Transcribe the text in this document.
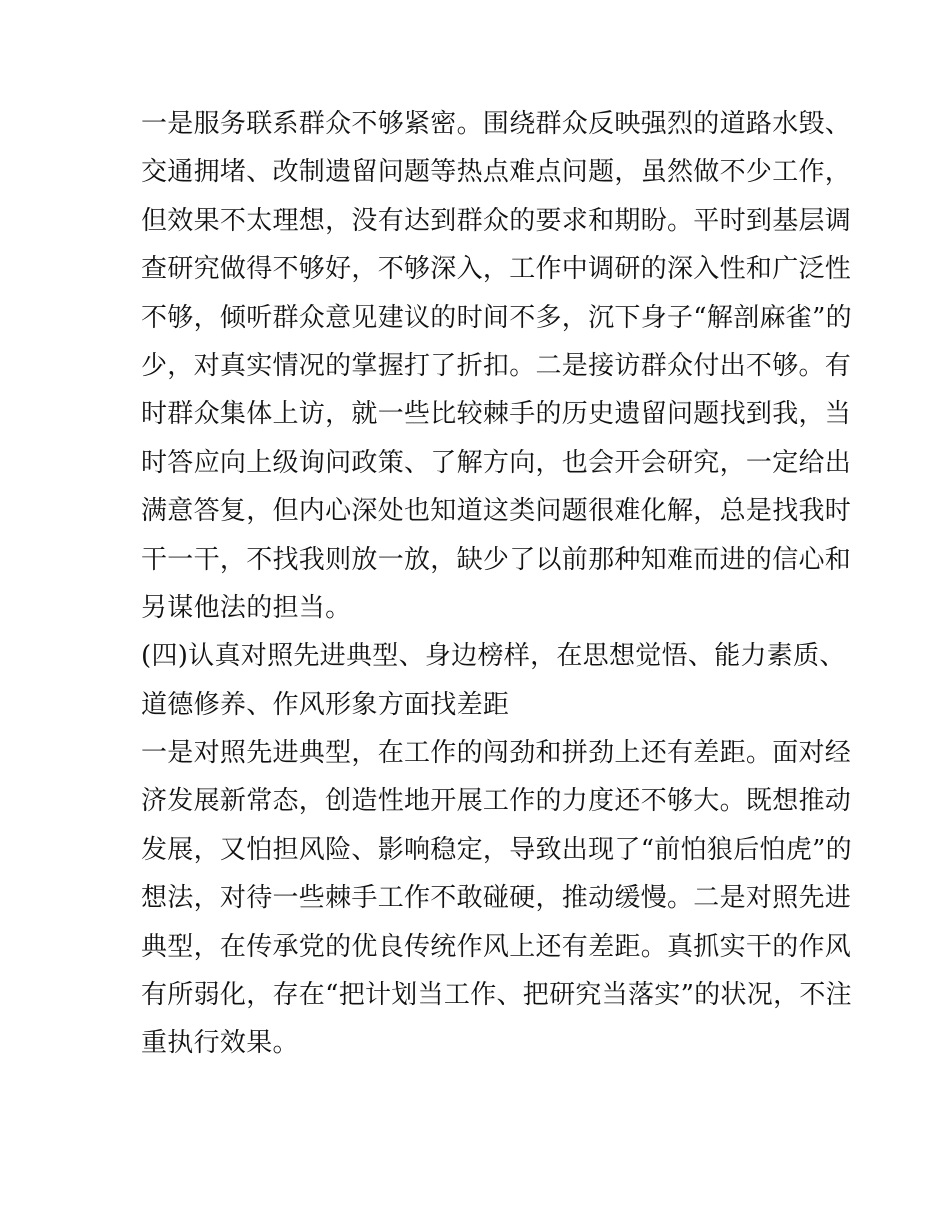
一是服务联系群众不够紧密。围绕群众反映强烈的道路水毁、
交通拥堵、改制遗留问题等热点难点问题，虽然做不少工作，
但效果不太理想，没有达到群众的要求和期盼。平时到基层调
查研究做得不够好，不够深入，工作中调研的深入性和广泛性
不够，倾听群众意见建议的时间不多，沉下身子“解剖麻雀”的
少，对真实情况的掌握打了折扣。二是接访群众付出不够。有
时群众集体上访，就一些比较棘手的历史遗留问题找到我，当
时答应向上级询问政策、了解方向，也会开会研究，一定给出
满意答复，但内心深处也知道这类问题很难化解，总是找我时
干一干，不找我则放一放，缺少了以前那种知难而进的信心和
另谋他法的担当。
(四)认真对照先进典型、身边榜样，在思想觉悟、能力素质、
道德修养、作风形象方面找差距
一是对照先进典型，在工作的闯劲和拼劲上还有差距。面对经
济发展新常态，创造性地开展工作的力度还不够大。既想推动
发展，又怕担风险、影响稳定，导致出现了“前怕狼后怕虎”的
想法，对待一些棘手工作不敢碰硬，推动缓慢。二是对照先进
典型，在传承党的优良传统作风上还有差距。真抓实干的作风
有所弱化，存在“把计划当工作、把研究当落实”的状况，不注
重执行效果。
